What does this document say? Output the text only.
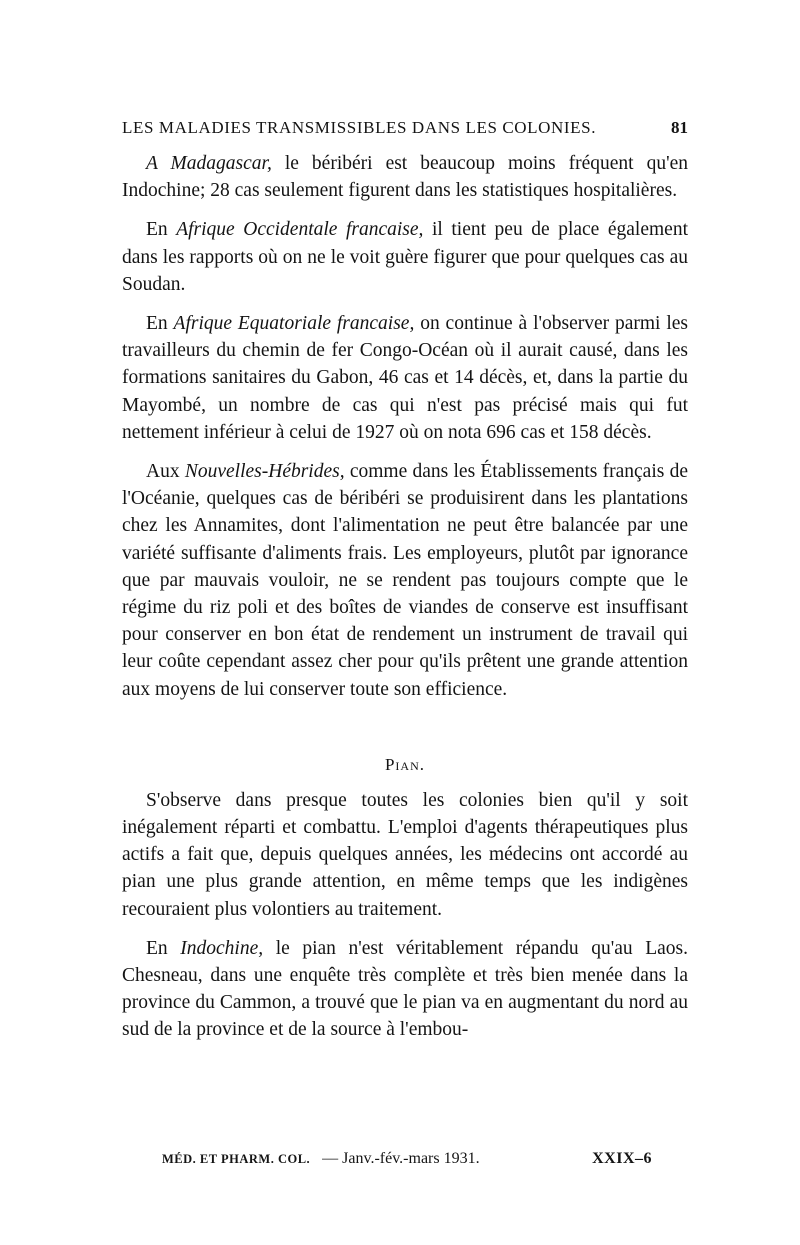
LES MALADIES TRANSMISSIBLES DANS LES COLONIES.	81

A Madagascar, le béribéri est beaucoup moins fréquent qu'en Indochine; 28 cas seulement figurent dans les statistiques hospitalières.

En Afrique Occidentale francaise, il tient peu de place également dans les rapports où on ne le voit guère figurer que pour quelques cas au Soudan.

En Afrique Equatoriale francaise, on continue à l'observer parmi les travailleurs du chemin de fer Congo-Océan où il aurait causé, dans les formations sanitaires du Gabon, 46 cas et 14 décès, et, dans la partie du Mayombé, un nombre de cas qui n'est pas précisé mais qui fut nettement inférieur à celui de 1927 où on nota 696 cas et 158 décès.

Aux Nouvelles-Hébrides, comme dans les Établissements français de l'Océanie, quelques cas de béribéri se produisirent dans les plantations chez les Annamites, dont l'alimentation ne peut être balancée par une variété suffisante d'aliments frais. Les employeurs, plutôt par ignorance que par mauvais vouloir, ne se rendent pas toujours compte que le régime du riz poli et des boîtes de viandes de conserve est insuffisant pour conserver en bon état de rendement un instrument de travail qui leur coûte cependant assez cher pour qu'ils prêtent une grande attention aux moyens de lui conserver toute son efficience.

Pian.

S'observe dans presque toutes les colonies bien qu'il y soit inégalement réparti et combattu. L'emploi d'agents thérapeutiques plus actifs a fait que, depuis quelques années, les médecins ont accordé au pian une plus grande attention, en même temps que les indigènes recouraient plus volontiers au traitement.

En Indochine, le pian n'est véritablement répandu qu'au Laos. Chesneau, dans une enquête très complète et très bien menée dans la province du Cammon, a trouvé que le pian va en augmentant du nord au sud de la province et de la source à l'embou-

MÉD. ET PHARM. COL. — Janv.-fév.-mars 1931.	XXIX–6
